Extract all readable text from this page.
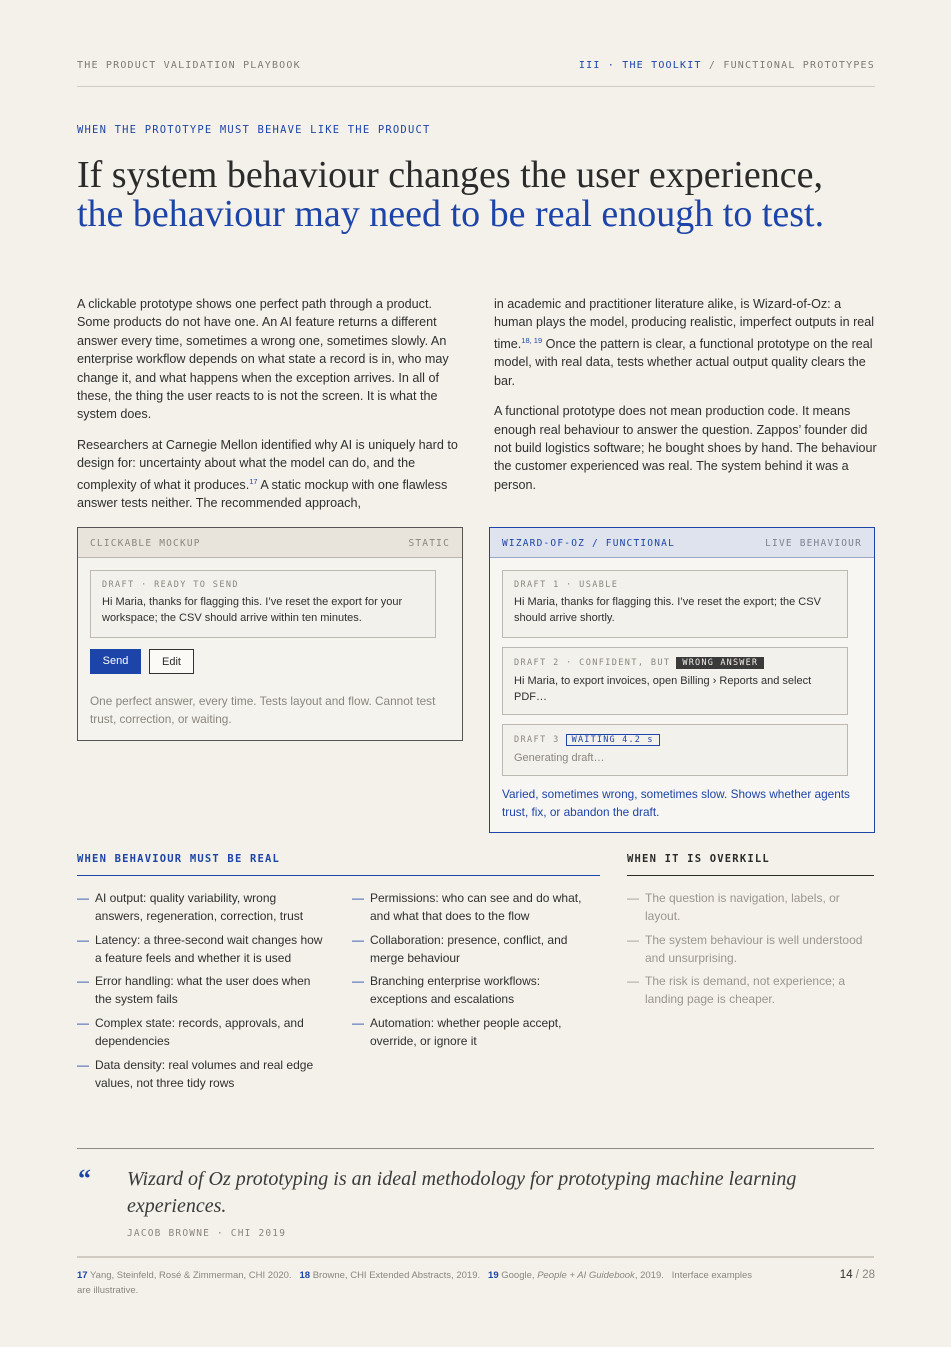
THE PRODUCT VALIDATION PLAYBOOK	III · THE TOOLKIT / FUNCTIONAL PROTOTYPES
WHEN THE PROTOTYPE MUST BEHAVE LIKE THE PRODUCT
If system behaviour changes the user experience, the behaviour may need to be real enough to test.

A clickable prototype shows one perfect path through a product. Some products do not have one. An AI feature returns a different answer every time, sometimes a wrong one, sometimes slowly. An enterprise workflow depends on what state a record is in, who may change it, and what happens when the exception arrives. In all of these, the thing the user reacts to is not the screen. It is what the system does.

Researchers at Carnegie Mellon identified why AI is uniquely hard to design for: uncertainty about what the model can do, and the complexity of what it produces.$^{17}$ A static mockup with one flawless answer tests neither. The recommended approach,

in academic and practitioner literature alike, is Wizard-of-Oz: a human plays the model, producing realistic, imperfect outputs in real time.$^{18, 19}$ Once the pattern is clear, a functional prototype on the real model, with real data, tests whether actual output quality clears the bar.

A functional prototype does not mean production code. It means enough real behaviour to answer the question. Zappos’ founder did not build logistics software; he bought shoes by hand. The behaviour the customer experienced was real. The system behind it was a person.

CLICKABLE MOCKUP	STATIC
DRAFT · READY TO SEND
Hi Maria, thanks for flagging this. I’ve reset the export for your workspace; the CSV should arrive within ten minutes.
Send	Edit
One perfect answer, every time. Tests layout and flow. Cannot test trust, correction, or waiting.
WIZARD-OF-OZ / FUNCTIONAL	LIVE BEHAVIOUR
DRAFT 1 · USABLE
Hi Maria, thanks for flagging this. I’ve reset the export; the CSV should arrive shortly.
DRAFT 2 · CONFIDENT, BUT WRONG ANSWER
Hi Maria, to export invoices, open Billing › Reports and select PDF…
DRAFT 3 WAITING 4.2 s
Generating draft…
Varied, sometimes wrong, sometimes slow. Shows whether agents trust, fix, or abandon the draft.
WHEN BEHAVIOUR MUST BE REAL	WHEN IT IS OVERKILL
— AI output: quality variability, wrong answers, regeneration, correction, trust
— Latency: a three-second wait changes how a feature feels and whether it is used
— Error handling: what the user does when the system fails
— Complex state: records, approvals, and dependencies
— Data density: real volumes and real edge values, not three tidy rows
— Permissions: who can see and do what, and what that does to the flow
— Collaboration: presence, conflict, and merge behaviour
— Branching enterprise workflows: exceptions and escalations
— Automation: whether people accept, override, or ignore it
— The question is navigation, labels, or layout.
— The system behaviour is well understood and unsurprising.
— The risk is demand, not experience; a landing page is cheaper.
“ Wizard of Oz prototyping is an ideal methodology for prototyping machine learning experiences.
JACOB BROWNE · CHI 2019
17 Yang, Steinfeld, Rosé & Zimmerman, CHI 2020. 18 Browne, CHI Extended Abstracts, 2019. 19 Google, People + AI Guidebook, 2019. Interface examples are illustrative.
14 / 28
